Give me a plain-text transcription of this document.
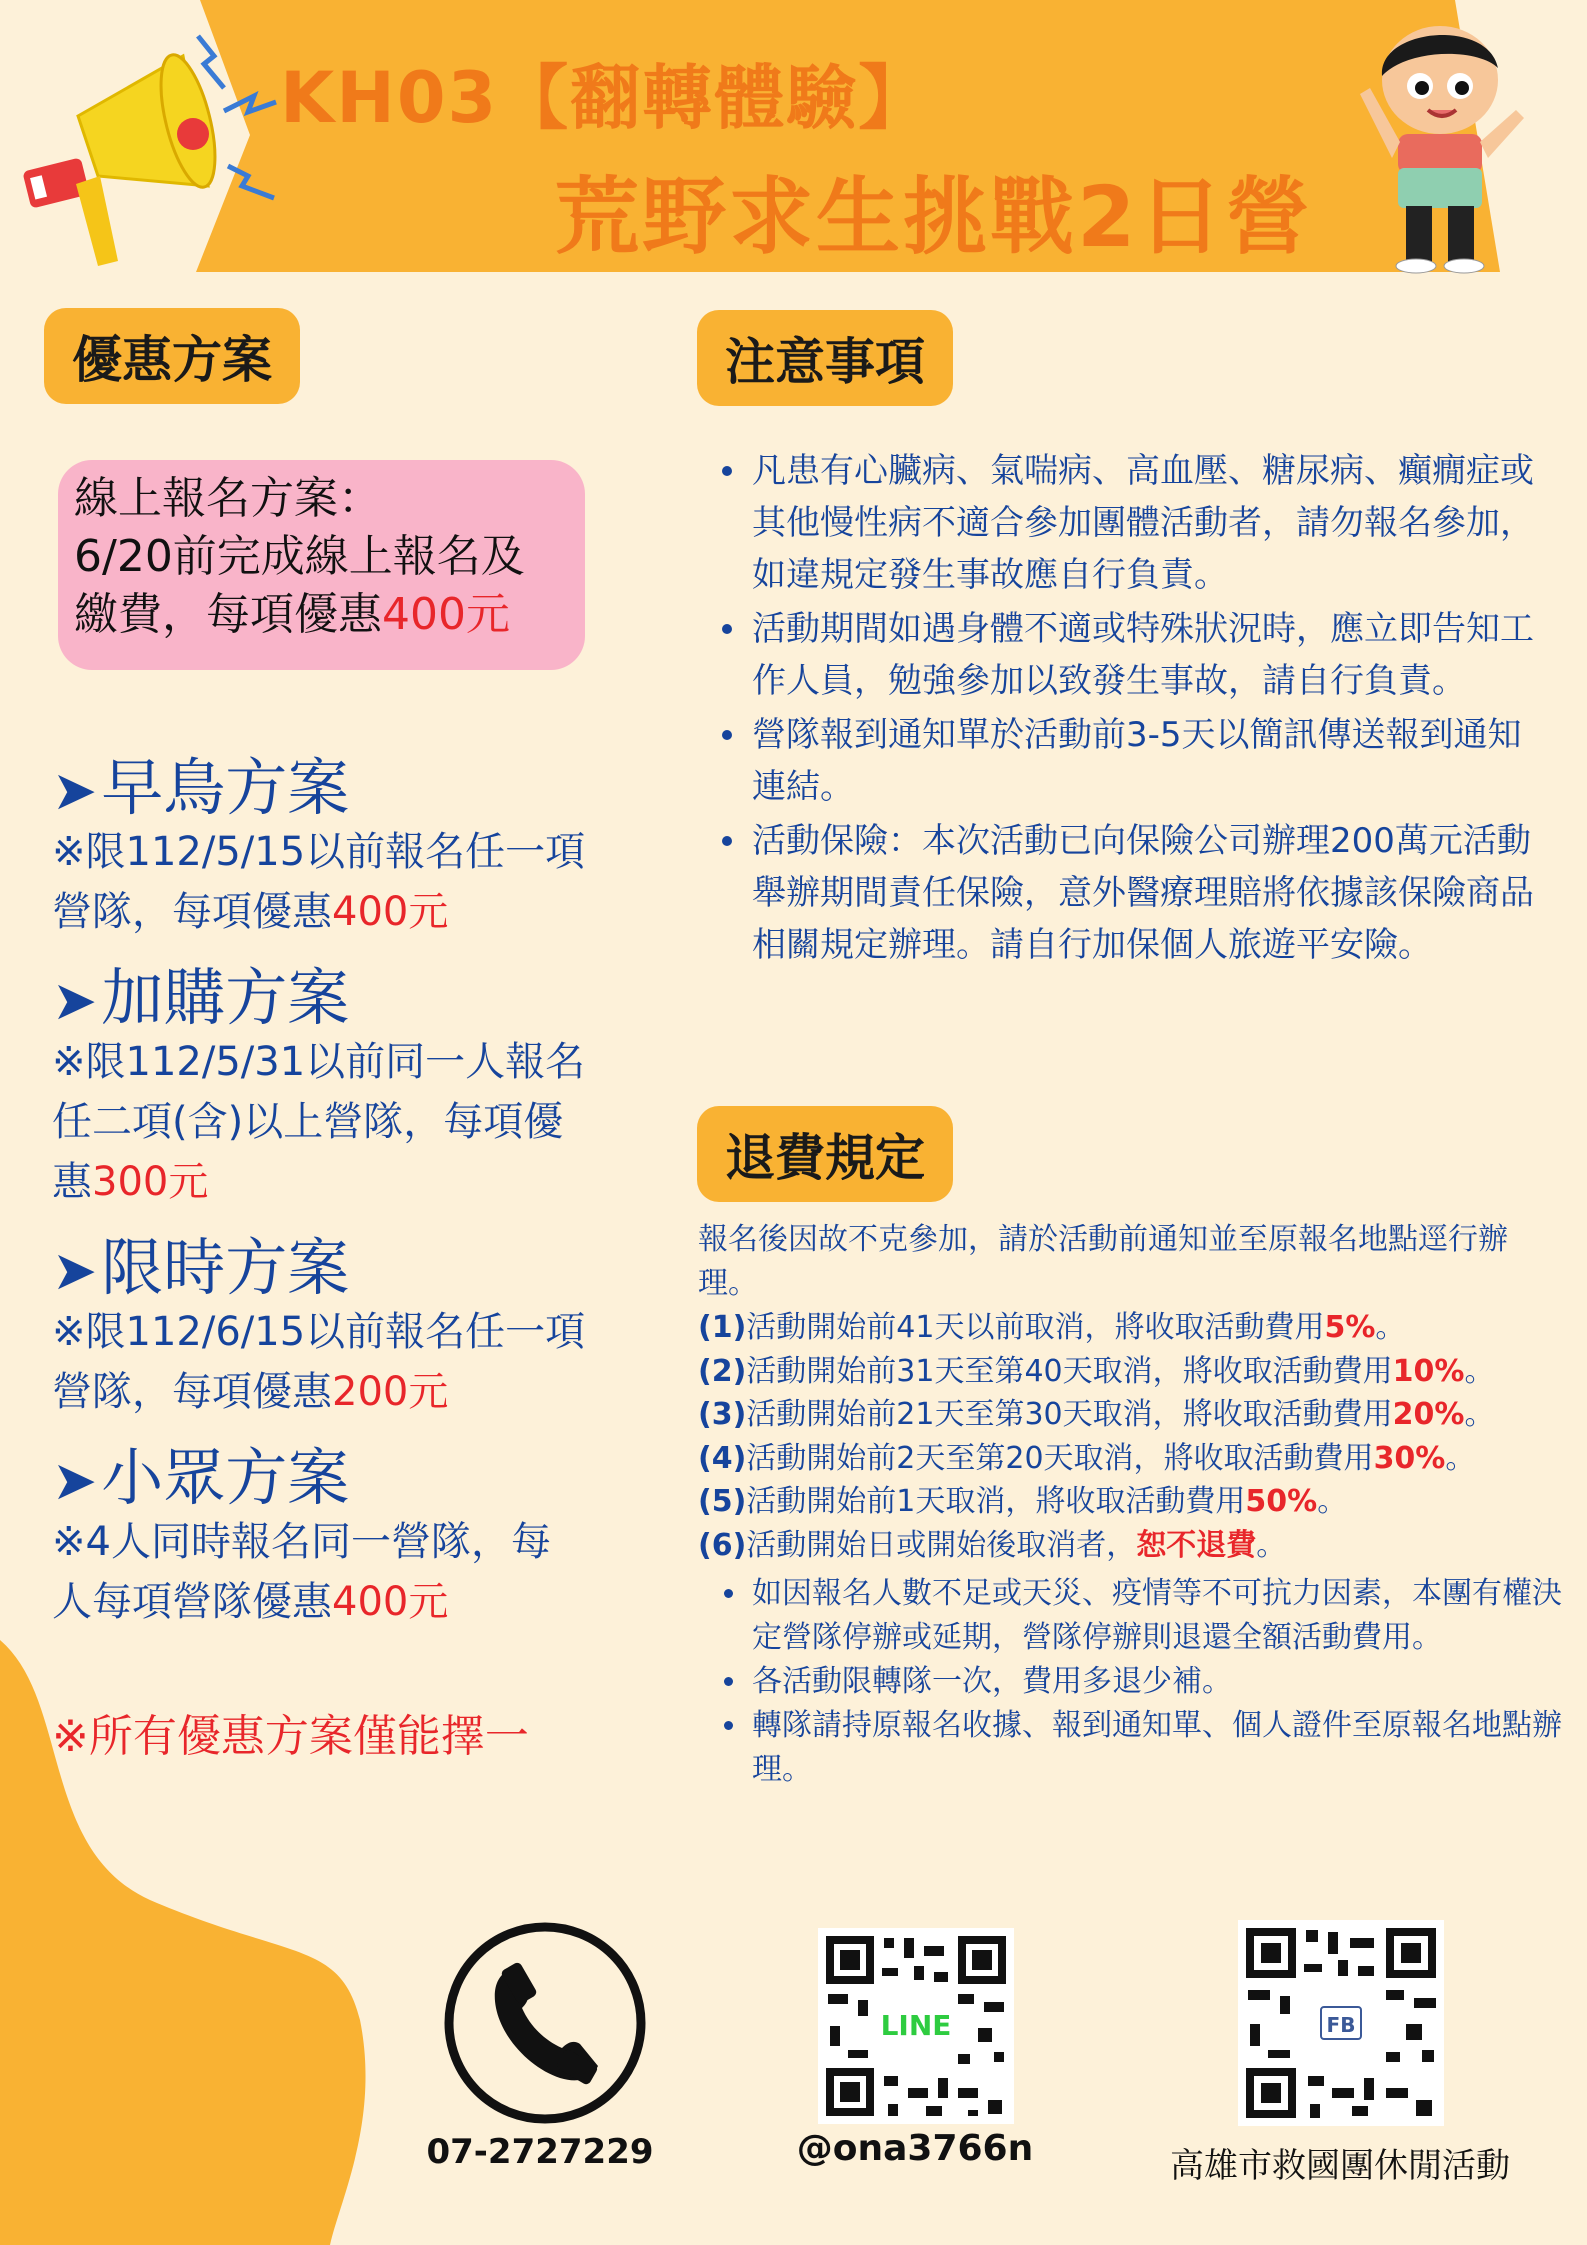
KH03【翻轉體驗】
荒野求生挑戰2日營
優惠方案
線上報名方案：
6/20前完成線上報名及
繳費，每項優惠400元
➤早鳥方案
※限112/5/15以前報名任一項
營隊，每項優惠400元
➤加購方案
※限112/5/31以前同一人報名
任二項(含)以上營隊，每項優
惠300元
➤限時方案
※限112/6/15以前報名任一項
營隊，每項優惠200元
➤小眾方案
※4人同時報名同一營隊，每
人每項營隊優惠400元
※所有優惠方案僅能擇一
注意事項
凡患有心臟病、氣喘病、高血壓、糖尿病、癲癇症或其他慢性病不適合參加團體活動者，請勿報名參加，如違規定發生事故應自行負責。
活動期間如遇身體不適或特殊狀況時，應立即告知工作人員，勉強參加以致發生事故，請自行負責。
營隊報到通知單於活動前3-5天以簡訊傳送報到通知連結。
活動保險：本次活動已向保險公司辦理200萬元活動舉辦期間責任保險，意外醫療理賠將依據該保險商品相關規定辦理。請自行加保個人旅遊平安險。
退費規定
報名後因故不克參加，請於活動前通知並至原報名地點逕行辦理。
(1)活動開始前41天以前取消，將收取活動費用5%。
(2)活動開始前31天至第40天取消，將收取活動費用10%。
(3)活動開始前21天至第30天取消，將收取活動費用20%。
(4)活動開始前2天至第20天取消，將收取活動費用30%。
(5)活動開始前1天取消，將收取活動費用50%。
(6)活動開始日或開始後取消者，恕不退費。
如因報名人數不足或天災、疫情等不可抗力因素，本團有權決定營隊停辦或延期，營隊停辦則退還全額活動費用。
各活動限轉隊一次，費用多退少補。
轉隊請持原報名收據、報到通知單、個人證件至原報名地點辦理。
07-2727229
LINE
@ona3766n
FB
高雄市救國團休閒活動
